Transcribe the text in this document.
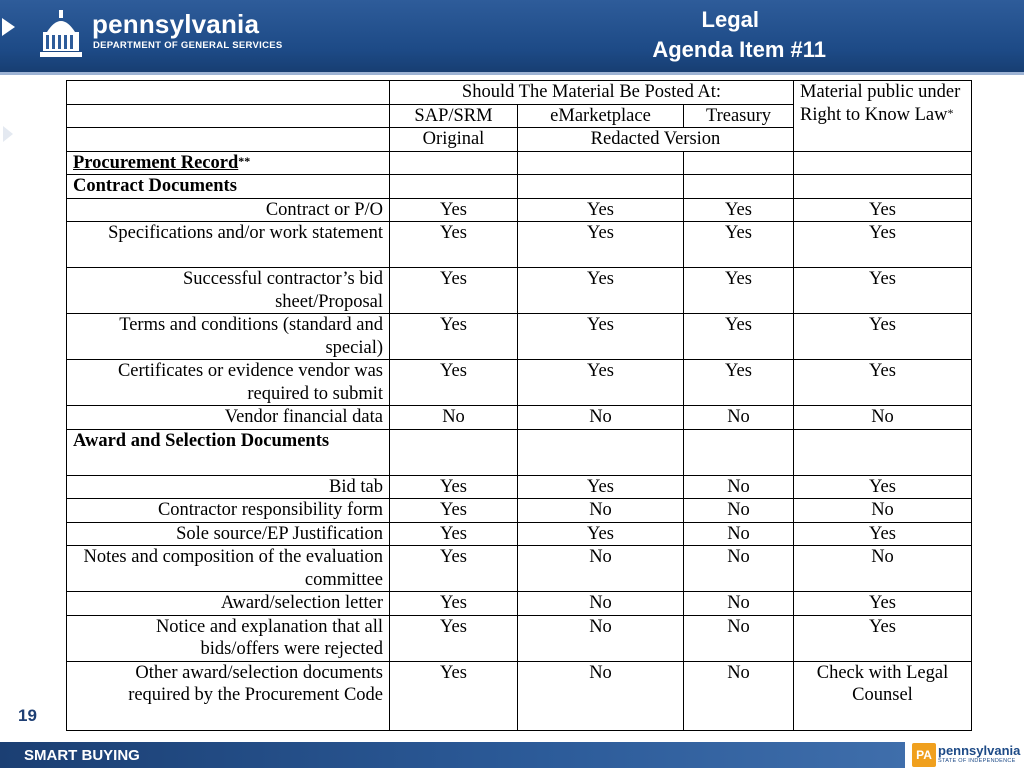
pennsylvania
DEPARTMENT OF GENERAL SERVICES
Legal
Agenda Item #11
	Should The Material Be Posted At:			Material public under Right to Know Law*
	SAP/SRM	eMarketplace	Treasury	
	Original	Redacted Version		
Procurement Record**				
Contract Documents				
Contract or P/O	Yes	Yes	Yes	Yes
Specifications and/or work statement	Yes	Yes	Yes	Yes
Successful contractor’s bid sheet/Proposal	Yes	Yes	Yes	Yes
Terms and conditions (standard and special)	Yes	Yes	Yes	Yes
Certificates or evidence vendor was required to submit	Yes	Yes	Yes	Yes
Vendor financial data	No	No	No	No
Award and Selection Documents				
Bid tab	Yes	Yes	No	Yes
Contractor responsibility form	Yes	No	No	No
Sole source/EP Justification	Yes	Yes	No	Yes
Notes and composition of the evaluation committee	Yes	No	No	No
Award/selection letter	Yes	No	No	Yes
Notice and explanation that all bids/offers were rejected	Yes	No	No	Yes
Other award/selection documents required by the Procurement Code	Yes	No	No	Check with Legal Counsel
19
SMART BUYING	PA pennsylvania
STATE OF INDEPENDENCE
